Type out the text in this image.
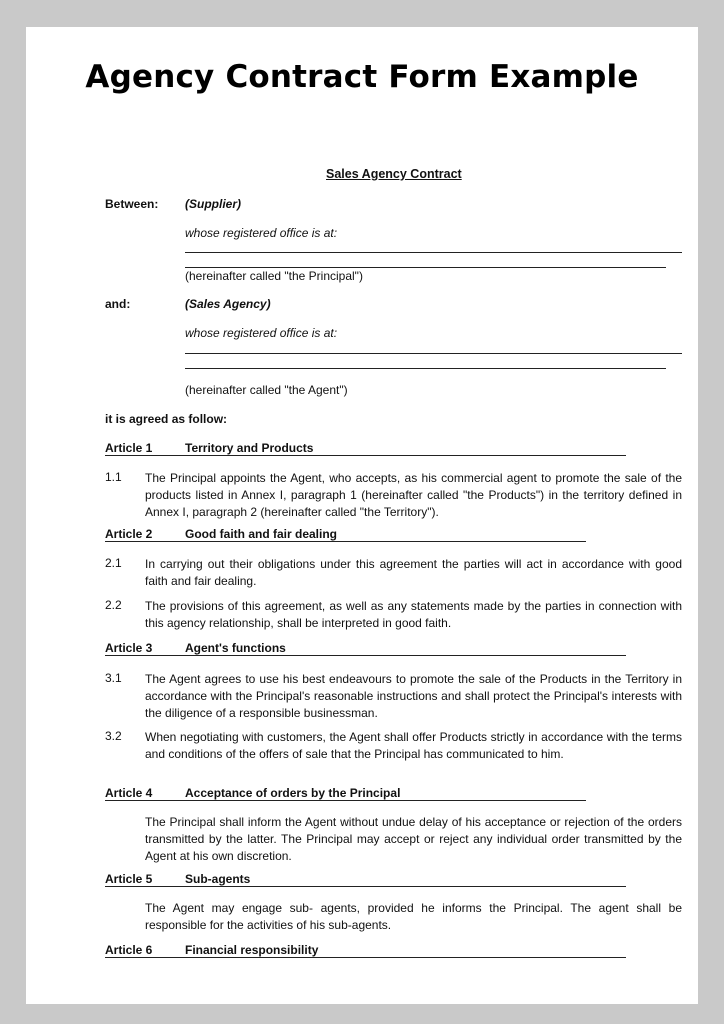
Agency Contract Form Example
Sales Agency Contract
Between: (Supplier)
whose registered office is at:
(hereinafter called "the Principal")
and:	(Sales Agency)
whose registered office is at:
(hereinafter called "the Agent")
it is agreed as follow:
Article 1	Territory and Products
1.1 The Principal appoints the Agent, who accepts, as his commercial agent to promote the sale of the products listed in Annex I, paragraph 1 (hereinafter called "the Products") in the territory defined in Annex I, paragraph 2 (hereinafter called "the Territory").
Article 2	Good faith and fair dealing
2.1 In carrying out their obligations under this agreement the parties will act in accordance with good faith and fair dealing.
2.2 The provisions of this agreement, as well as any statements made by the parties in connection with this agency relationship, shall be interpreted in good faith.
Article 3	Agent's functions
3.1 The Agent agrees to use his best endeavours to promote the sale of the Products in the Territory in accordance with the Principal's reasonable instructions and shall protect the Principal's interests with the diligence of a responsible businessman.
3.2 When negotiating with customers, the Agent shall offer Products strictly in accordance with the terms and conditions of the offers of sale that the Principal has communicated to him.
Article 4	Acceptance of orders by the Principal
The Principal shall inform the Agent without undue delay of his acceptance or rejection of the orders transmitted by the latter. The Principal may accept or reject any individual order transmitted by the Agent at his own discretion.
Article 5	Sub-agents
The Agent may engage sub- agents, provided he informs the Principal. The agent shall be responsible for the activities of his sub-agents.
Article 6	Financial responsibility
